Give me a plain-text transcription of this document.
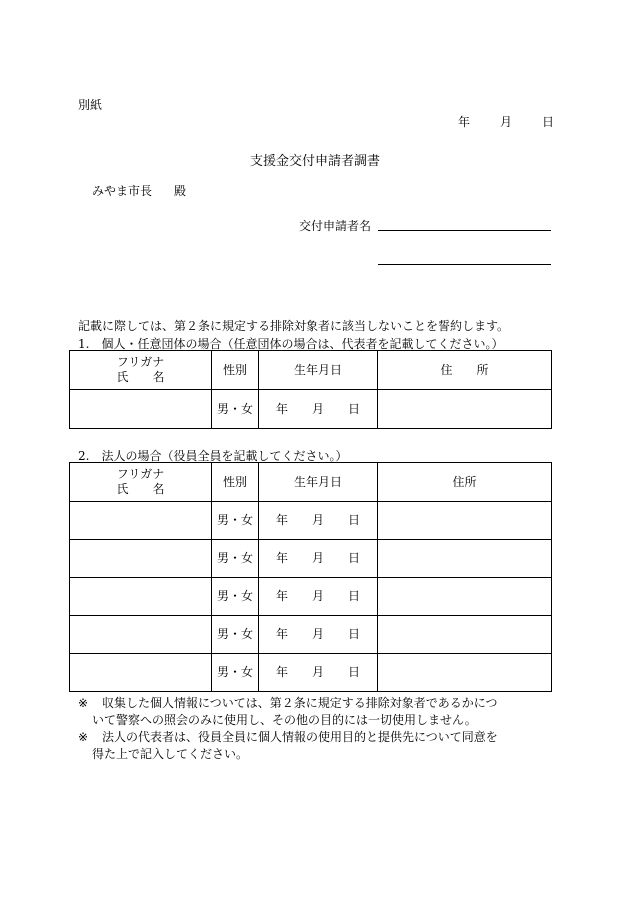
別紙
年	月	日
支援金交付申請者調書
みやま市長 殿
交付申請者名
記載に際しては、第２条に規定する排除対象者に該当しないことを誓約します。
1.　個人・任意団体の場合（任意団体の場合は、代表者を記載してください。）
フリガナ
氏　　名	性別	生年月日	住　　所
	男・女	年 月 日	

2.　法人の場合（役員全員を記載してください。）
フリガナ
氏　　名	性別	生年月日	住所
	男・女	年 月 日	

	男・女	年 月 日	

	男・女	年 月 日	

	男・女	年 月 日	

	男・女	年 月 日	

※	収集した個人情報については、第２条に規定する排除対象者であるかにつ
いて警察への照会のみに使用し、その他の目的には一切使用しません。
※	法人の代表者は、役員全員に個人情報の使用目的と提供先について同意を
得た上で記入してください。
